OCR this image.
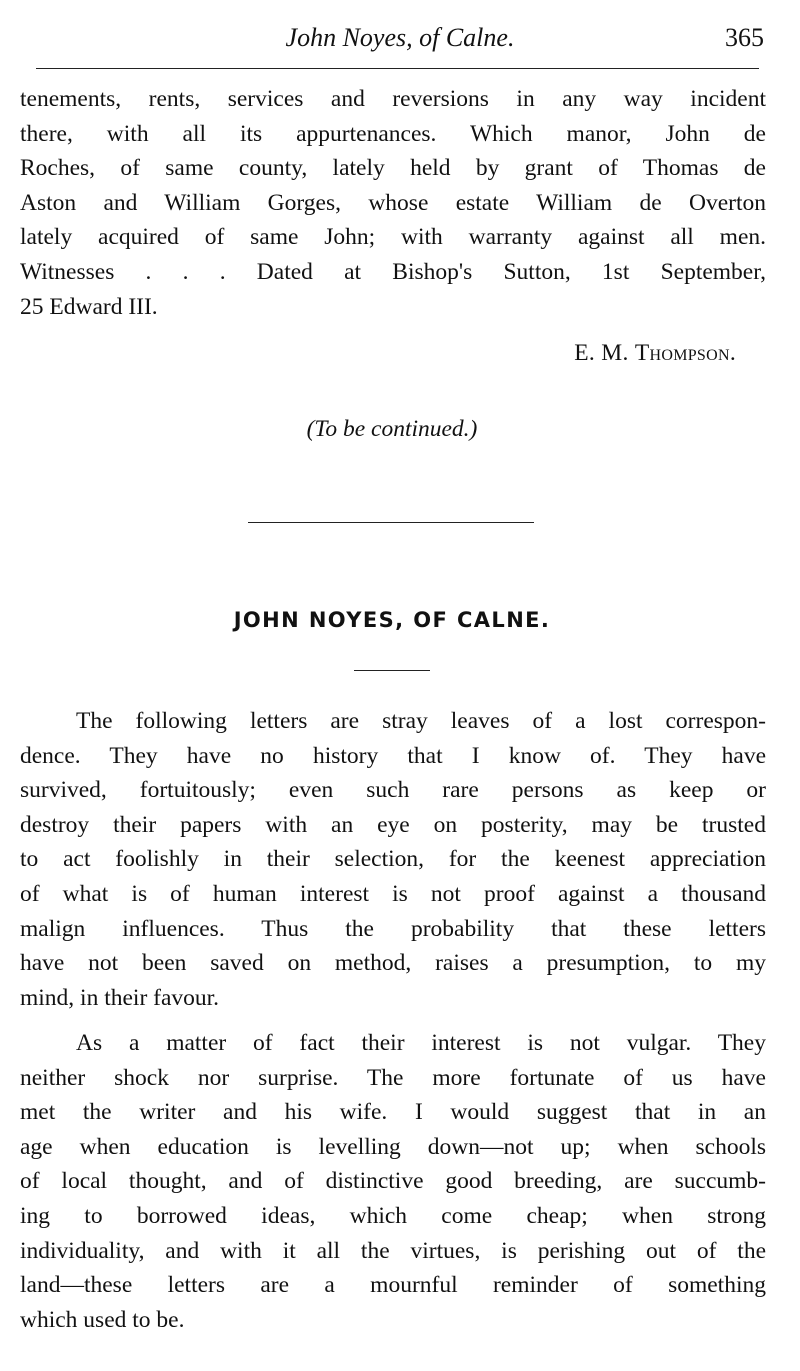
John Noyes, of Calne.	365
tenements, rents, services and reversions in any way incident
there, with all its appurtenances. Which manor, John de
Roches, of same county, lately held by grant of Thomas de
Aston and William Gorges, whose estate William de Overton
lately acquired of same John; with warranty against all men.
Witnesses . . . Dated at Bishop's Sutton, 1st September,
25 Edward III.
E. M. Thompson.
(To be continued.)
JOHN NOYES, OF CALNE.
The following letters are stray leaves of a lost correspon-
dence. They have no history that I know of. They have
survived, fortuitously; even such rare persons as keep or
destroy their papers with an eye on posterity, may be trusted
to act foolishly in their selection, for the keenest appreciation
of what is of human interest is not proof against a thousand
malign influences. Thus the probability that these letters
have not been saved on method, raises a presumption, to my
mind, in their favour.
As a matter of fact their interest is not vulgar. They
neither shock nor surprise. The more fortunate of us have
met the writer and his wife. I would suggest that in an
age when education is levelling down—not up; when schools
of local thought, and of distinctive good breeding, are succumb-
ing to borrowed ideas, which come cheap; when strong
individuality, and with it all the virtues, is perishing out of the
land—these letters are a mournful reminder of something
which used to be.
